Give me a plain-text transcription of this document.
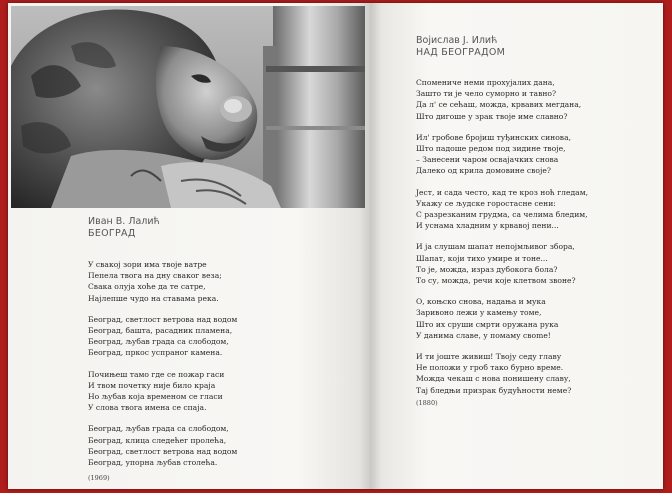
Иван В. Лалић
БЕОГРАД
У свакој зори има твоје ватре
Пепела твога на дну сваког веза;
Свака олуја хоће да те сатре,
Најлепше чудо на ставама река.
Београд, светлост ветрова над водом
Београд, башта, расадник пламена,
Београд, љубав града са слободом,
Београд, пркос успраног камена.
Почињеш тамо где се пожар гаси
И твом почетку није било краја
Но љубав која временом се гласи
У слова твога имена се спаја.
Београд, љубав града са слободом,
Београд, клица следећег пролећа,
Београд, светлост ветрова над водом
Београд, упорна љубав столећа.
(1969)
Војислав Ј. Илић
НАД БЕОГРАДОМ
Споменичe неми прохујалих дана,
Зашто ти је чело суморно и тавно?
Да л' се сећаш, можда, крвавих мегдана,
Што дигоше у зрак твоје име славно?
Ил' гробове бројиш туђинских синова,
Што падоше редом под зидине твоје,
– Занесени чаром освајачких снова
Далеко од крила домовине своје?
Јест, и сада често, кад те кроз ноћ гледам,
Укажу се људске горостасне сени:
С разрезканим грудма, са челима бледим,
И уснама хладним у крвавој пени...
И ја слушам шапат непојмљивог збора,
Шапат, који тихо умире и тоне...
То је, можда, израз дубокога бола?
То су, можда, речи које клетвом звоне?
О, коњско снова, надања и мука
Заривоно лежи у камењу томе,
Што их сруши смрти оружана рука
У данима славе, у помаму свome!
И ти јоште живиш! Твоју седу главу
Не положи у гроб тако бурно време.
Можда чекаш с нова понишeну славу,
Тај бледњи призрак будућности неме?
(1880)
